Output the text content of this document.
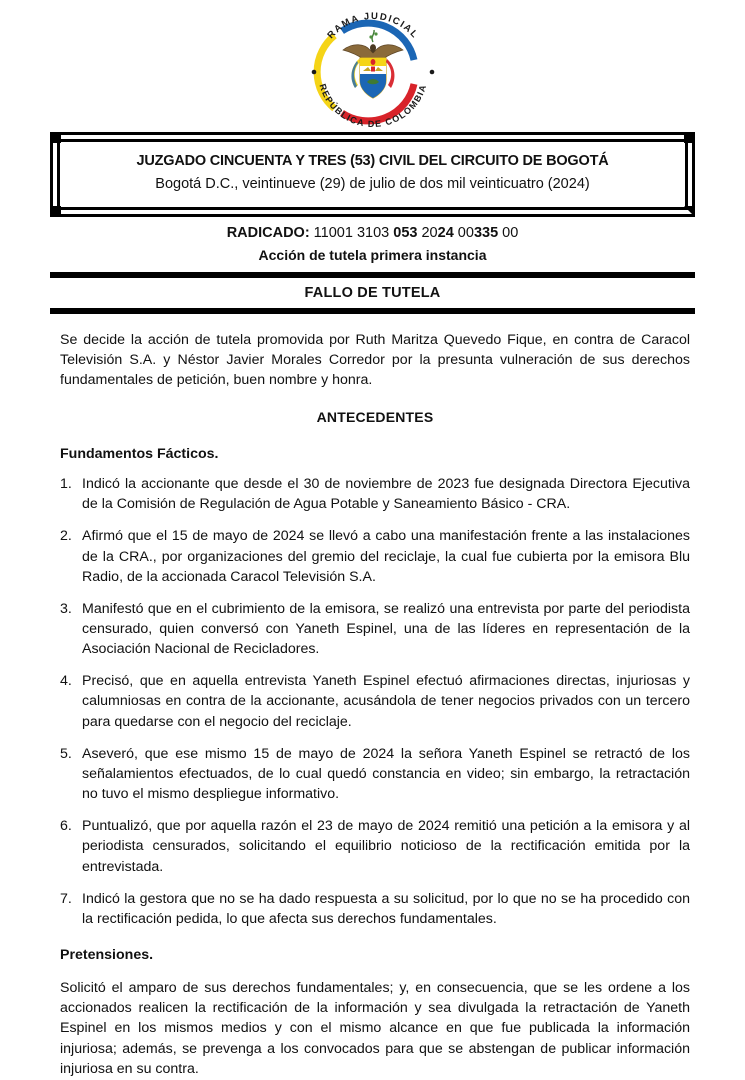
RAMA JUDICIAL
REPÚBLICA DE COLOMBIA
JUZGADO CINCUENTA Y TRES (53) CIVIL DEL CIRCUITO DE BOGOTÁ
Bogotá D.C., veintinueve (29) de julio de dos mil veinticuatro (2024)
RADICADO: 11001 3103 053 2024 00335 00
Acción de tutela primera instancia
FALLO DE TUTELA

Se decide la acción de tutela promovida por Ruth Maritza Quevedo Fique, en contra de Caracol Televisión S.A. y Néstor Javier Morales Corredor por la presunta vulneración de sus derechos fundamentales de petición, buen nombre y honra.

ANTECEDENTES
Fundamentos Fácticos.
Indicó la accionante que desde el 30 de noviembre de 2023 fue designada Directora Ejecutiva de la Comisión de Regulación de Agua Potable y Saneamiento Básico - CRA.
Afirmó que el 15 de mayo de 2024 se llevó a cabo una manifestación frente a las instalaciones de la CRA., por organizaciones del gremio del reciclaje, la cual fue cubierta por la emisora Blu Radio, de la accionada Caracol Televisión S.A.
Manifestó que en el cubrimiento de la emisora, se realizó una entrevista por parte del periodista censurado, quien conversó con Yaneth Espinel, una de las líderes en representación de la Asociación Nacional de Recicladores.
Precisó, que en aquella entrevista Yaneth Espinel efectuó afirmaciones directas, injuriosas y calumniosas en contra de la accionante, acusándola de tener negocios privados con un tercero para quedarse con el negocio del reciclaje.
Aseveró, que ese mismo 15 de mayo de 2024 la señora Yaneth Espinel se retractó de los señalamientos efectuados, de lo cual quedó constancia en video; sin embargo, la retractación no tuvo el mismo despliegue informativo.
Puntualizó, que por aquella razón el 23 de mayo de 2024 remitió una petición a la emisora y al periodista censurados, solicitando el equilibrio noticioso de la rectificación emitida por la entrevistada.
Indicó la gestora que no se ha dado respuesta a su solicitud, por lo que no se ha procedido con la rectificación pedida, lo que afecta sus derechos fundamentales.
Pretensiones.
Solicitó el amparo de sus derechos fundamentales; y, en consecuencia, que se les ordene a los accionados realicen la rectificación de la información y sea divulgada la retractación de Yaneth Espinel en los mismos medios y con el mismo alcance en que fue publicada la información injuriosa; además, se prevenga a los convocados para que se abstengan de publicar información injuriosa en su contra.
